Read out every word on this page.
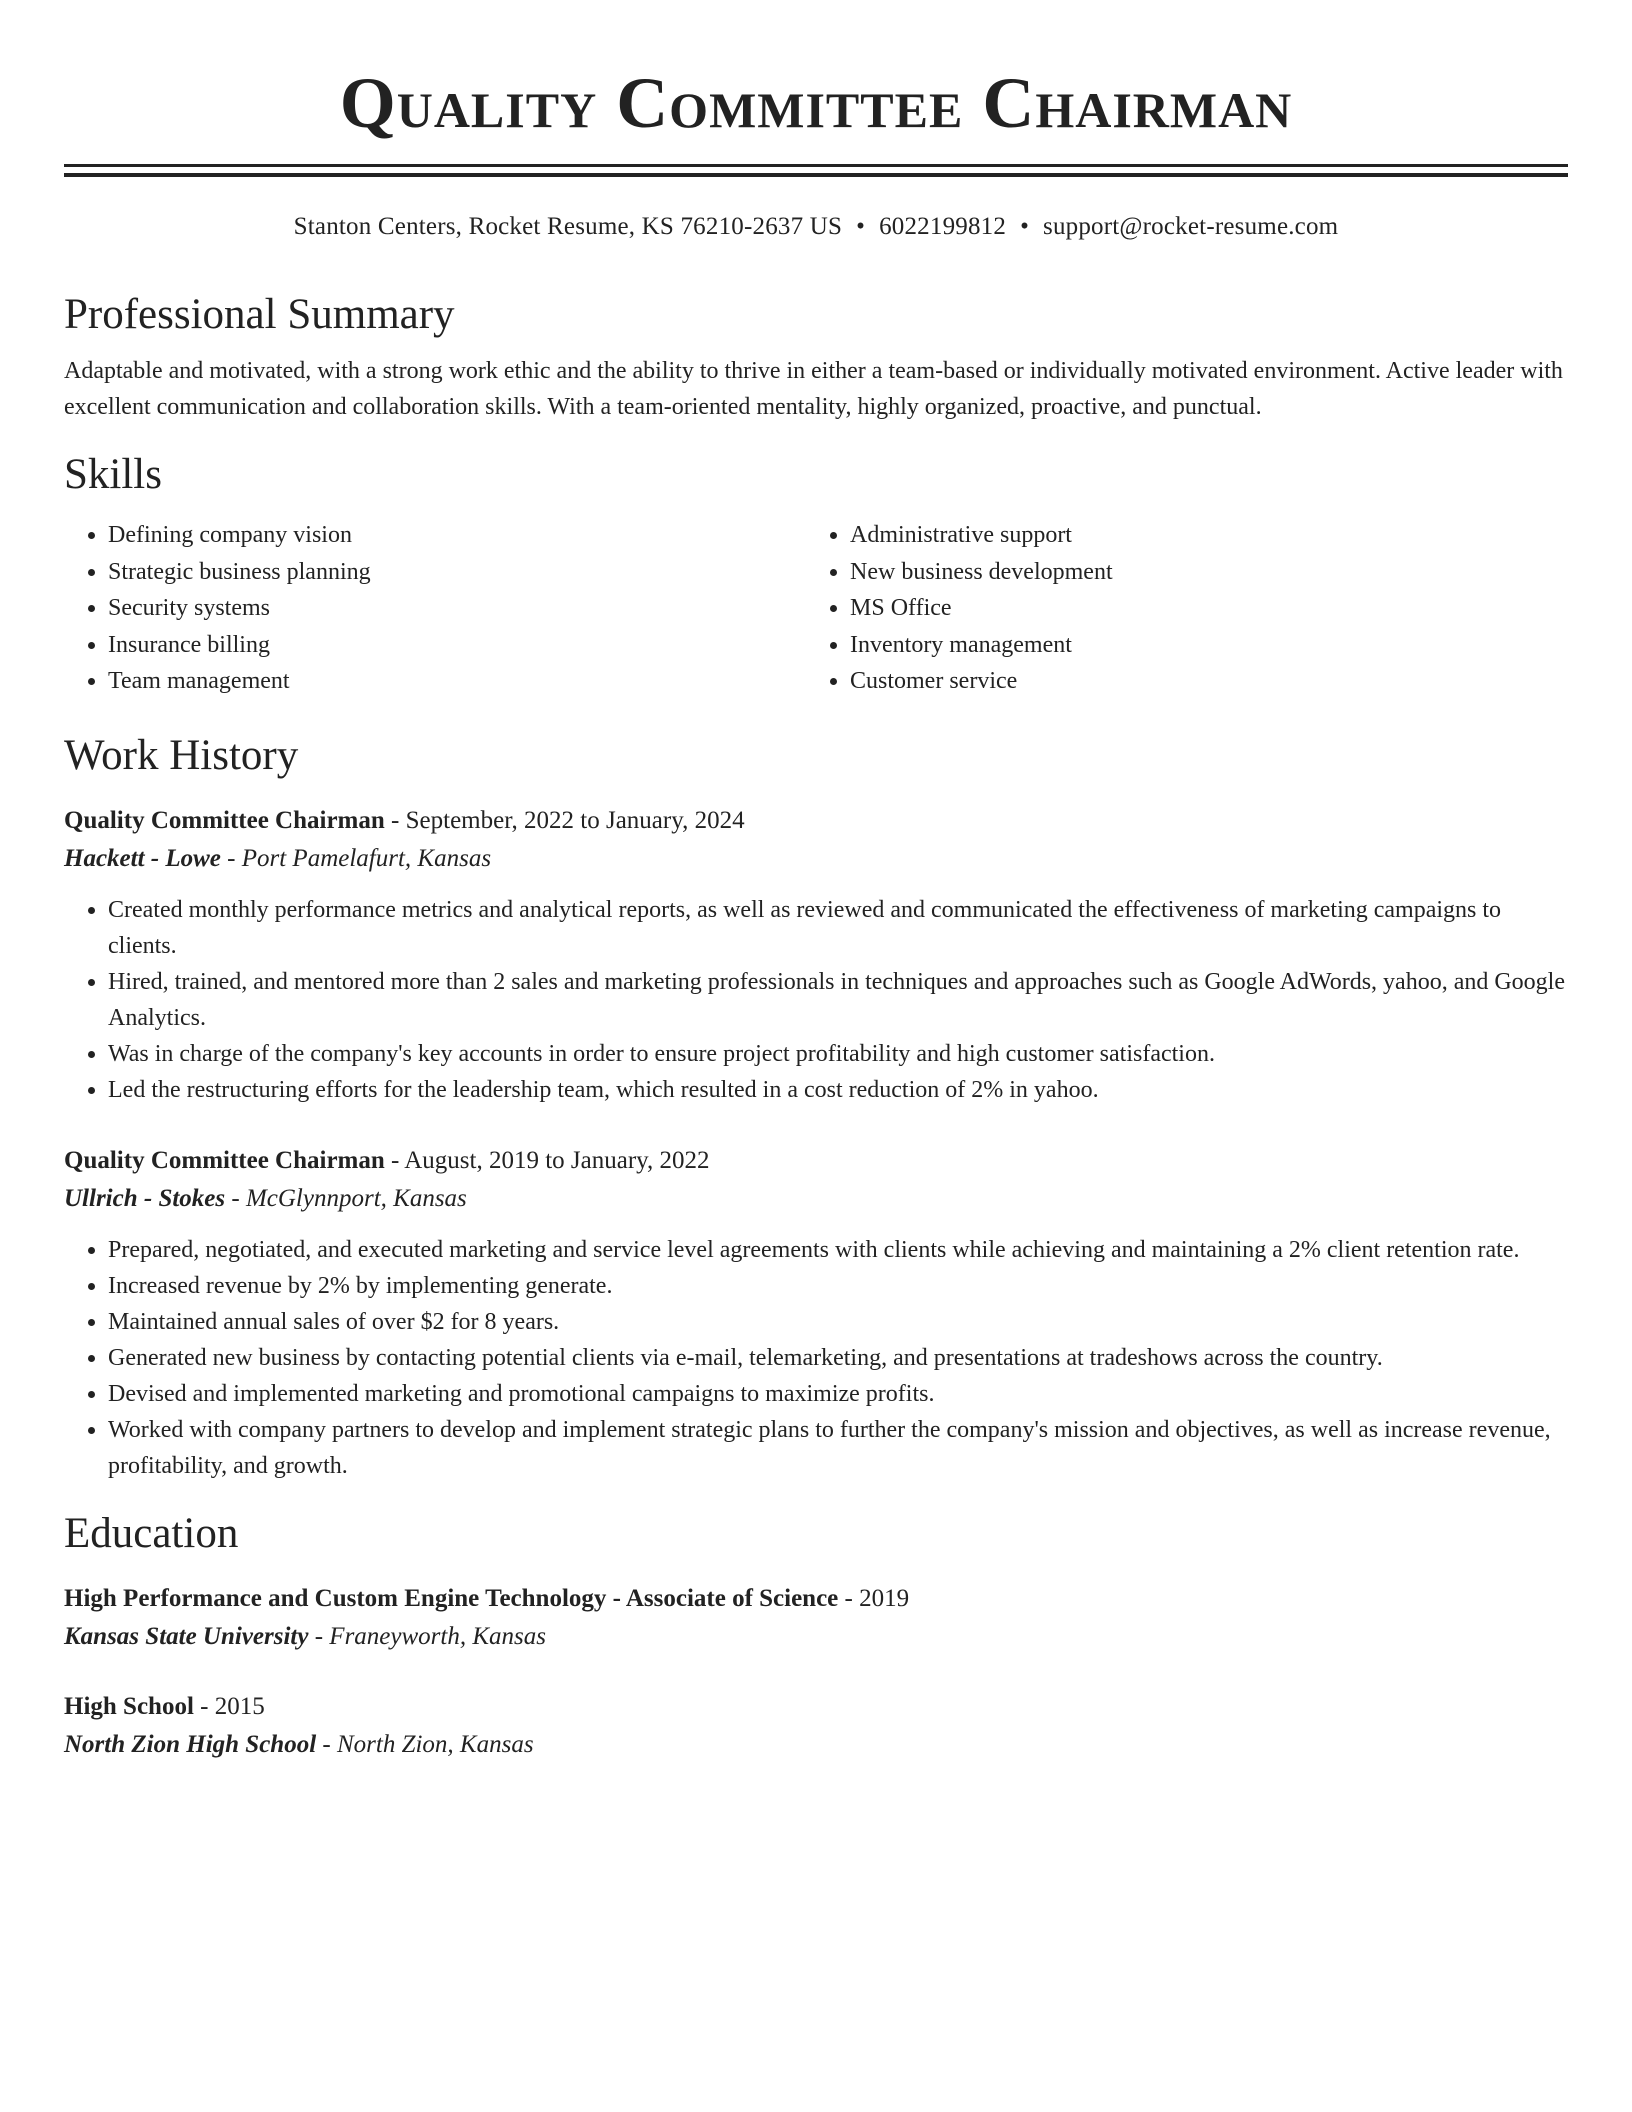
Quality Committee Chairman
Stanton Centers, Rocket Resume, KS 76210-2637 US • 6022199812 • support@rocket-resume.com
Professional Summary
Adaptable and motivated, with a strong work ethic and the ability to thrive in either a team-based or individually motivated environment. Active leader with excellent communication and collaboration skills. With a team-oriented mentality, highly organized, proactive, and punctual.
Skills
• Defining company vision
• Strategic business planning
• Security systems
• Insurance billing
• Team management
• Administrative support
• New business development
• MS Office
• Inventory management
• Customer service
Work History
Quality Committee Chairman - September, 2022 to January, 2024
Hackett - Lowe - Port Pamelafurt, Kansas
• Created monthly performance metrics and analytical reports, as well as reviewed and communicated the effectiveness of marketing campaigns to clients.
• Hired, trained, and mentored more than 2 sales and marketing professionals in techniques and approaches such as Google AdWords, yahoo, and Google Analytics.
• Was in charge of the company's key accounts in order to ensure project profitability and high customer satisfaction.
• Led the restructuring efforts for the leadership team, which resulted in a cost reduction of 2% in yahoo.
Quality Committee Chairman - August, 2019 to January, 2022
Ullrich - Stokes - McGlynnport, Kansas
• Prepared, negotiated, and executed marketing and service level agreements with clients while achieving and maintaining a 2% client retention rate.
• Increased revenue by 2% by implementing generate.
• Maintained annual sales of over $2 for 8 years.
• Generated new business by contacting potential clients via e-mail, telemarketing, and presentations at tradeshows across the country.
• Devised and implemented marketing and promotional campaigns to maximize profits.
• Worked with company partners to develop and implement strategic plans to further the company's mission and objectives, as well as increase revenue, profitability, and growth.
Education
High Performance and Custom Engine Technology - Associate of Science - 2019
Kansas State University - Franeyworth, Kansas
High School - 2015
North Zion High School - North Zion, Kansas
